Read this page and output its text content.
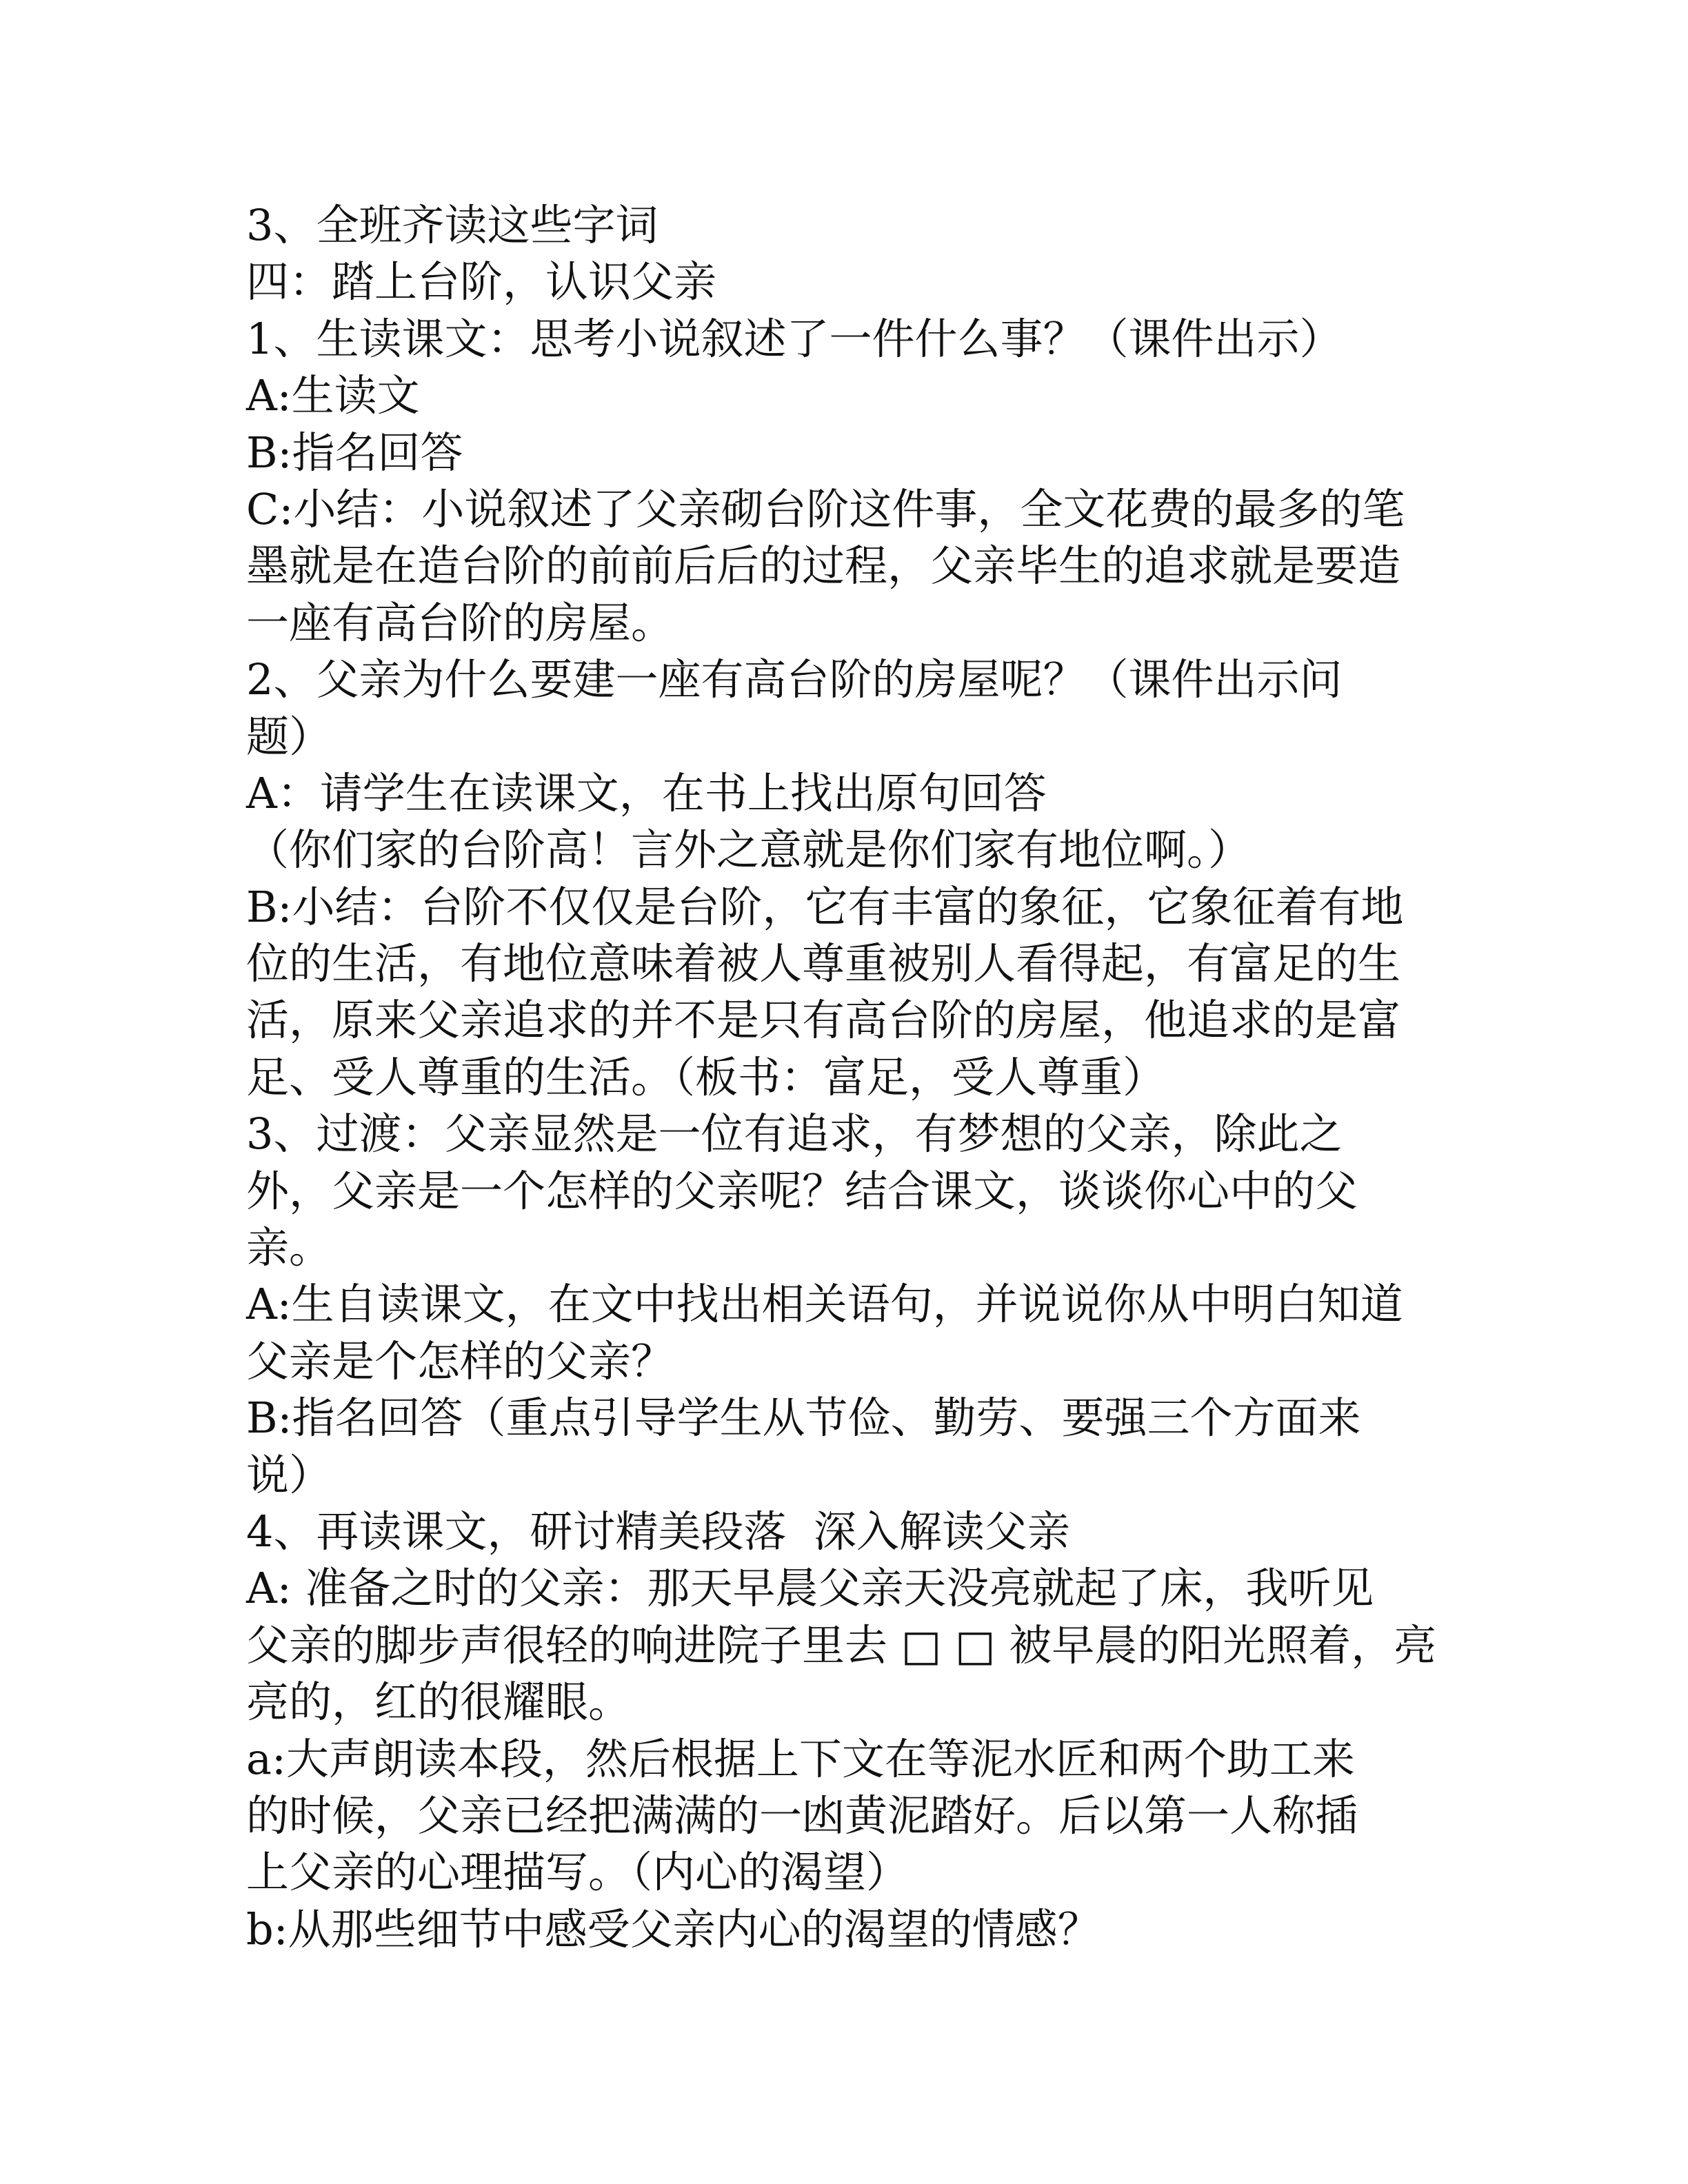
3、全班齐读这些字词

四：踏上台阶，认识父亲

1、生读课文：思考小说叙述了一件什么事？（课件出示）

A:生读文

B:指名回答

C:小结：小说叙述了父亲砌台阶这件事，全文花费的最多的笔

墨就是在造台阶的前前后后的过程，父亲毕生的追求就是要造

一座有高台阶的房屋。

2、父亲为什么要建一座有高台阶的房屋呢？（课件出示问

题）

A：请学生在读课文，在书上找出原句回答

（你们家的台阶高！言外之意就是你们家有地位啊。）

B:小结：台阶不仅仅是台阶，它有丰富的象征，它象征着有地

位的生活，有地位意味着被人尊重被别人看得起，有富足的生

活，原来父亲追求的并不是只有高台阶的房屋，他追求的是富

足、受人尊重的生活。（板书：富足，受人尊重）

3、过渡：父亲显然是一位有追求，有梦想的父亲，除此之

外，父亲是一个怎样的父亲呢？结合课文，谈谈你心中的父

亲。

A:生自读课文，在文中找出相关语句，并说说你从中明白知道

父亲是个怎样的父亲？

B:指名回答（重点引导学生从节俭、勤劳、要强三个方面来

说）

4、再读课文，研讨精美段落  深入解读父亲

A: 准备之时的父亲：那天早晨父亲天没亮就起了床，我听见

父亲的脚步声很轻的响进院子里去 □ □ 被早晨的阳光照着，亮

亮的，红的很耀眼。

a:大声朗读本段，然后根据上下文在等泥水匠和两个助工来

的时候，父亲已经把满满的一凼黄泥踏好。后以第一人称插

上父亲的心理描写。（内心的渴望）

b:从那些细节中感受父亲内心的渴望的情感？
